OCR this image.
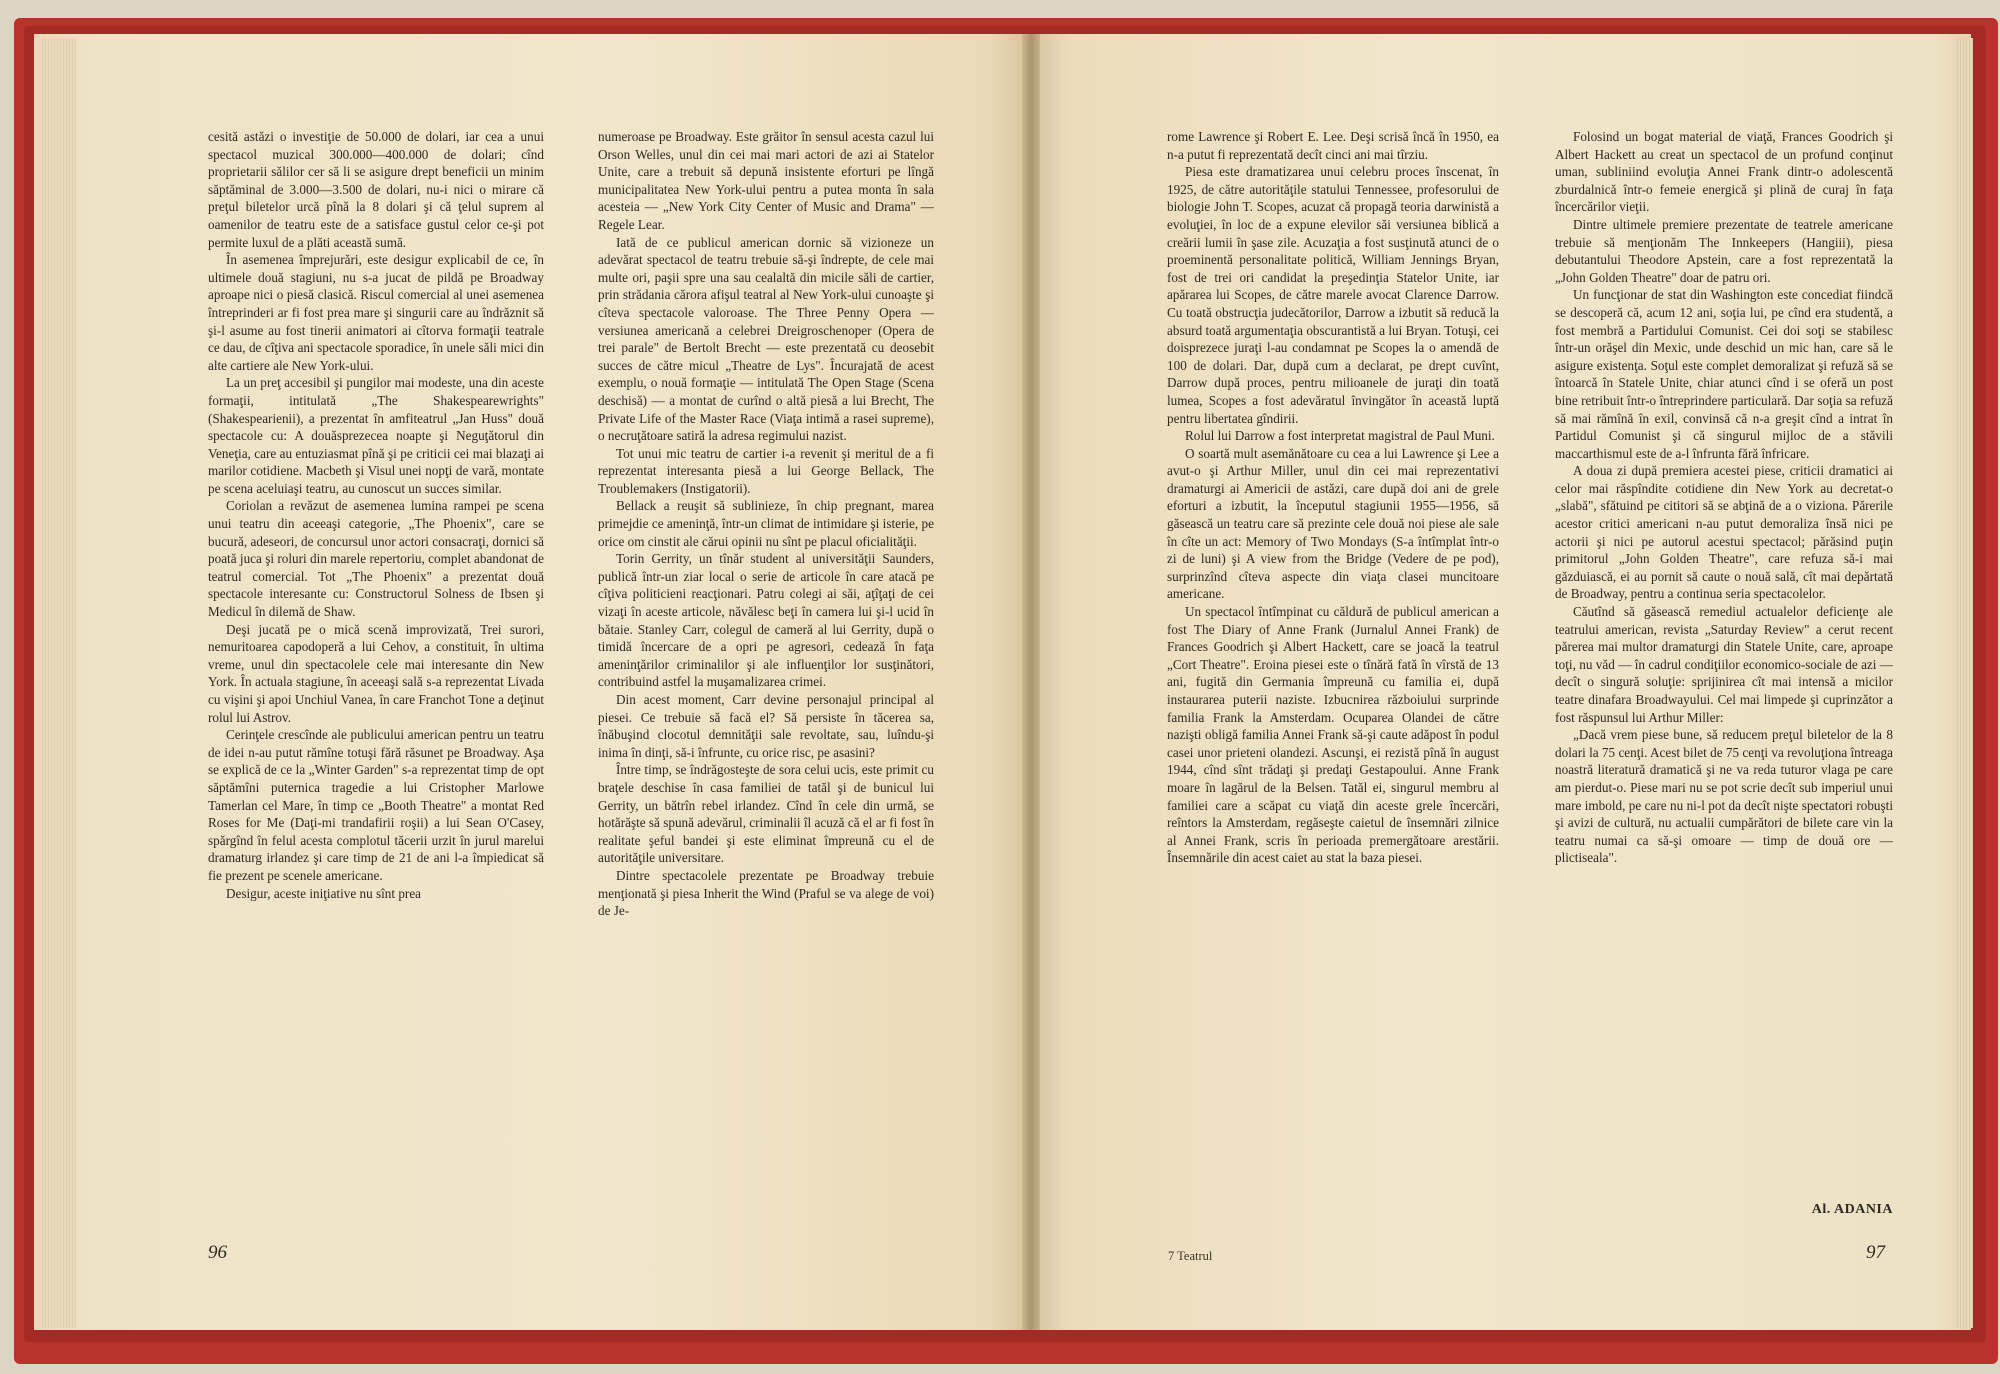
cesită astăzi o investiţie de 50.000 de dolari, iar cea a unui spectacol muzical 300.000—400.000 de dolari; cînd proprietarii sălilor cer să li se asigure drept beneficii un minim săptăminal de 3.000—3.500 de dolari, nu-i nici o mirare că preţul biletelor urcă pînă la 8 dolari şi că ţelul suprem al oamenilor de teatru este de a satisface gustul celor ce-şi pot permite luxul de a plăti această sumă.

În asemenea împrejurări, este desigur explicabil de ce, în ultimele două stagiuni, nu s-a jucat de pildă pe Broadway aproape nici o piesă clasică. Riscul comercial al unei asemenea întreprinderi ar fi fost prea mare şi singurii care au îndrăznit să şi-l asume au fost tinerii animatori ai cîtorva formaţii teatrale ce dau, de cîţiva ani spectacole sporadice, în unele săli mici din alte cartiere ale New York-ului.

La un preţ accesibil şi pungilor mai modeste, una din aceste formaţii, intitulată „The Shakespearewrights" (Shakespearienii), a prezentat în amfiteatrul „Jan Huss" două spectacole cu: A douăsprezecea noapte şi Neguţătorul din Veneţia, care au entuziasmat pînă şi pe criticii cei mai blazaţi ai marilor cotidiene. Macbeth şi Visul unei nopţi de vară, montate pe scena aceluiaşi teatru, au cunoscut un succes similar.

Coriolan a revăzut de asemenea lumina rampei pe scena unui teatru din aceeaşi categorie, „The Phoenix", care se bucură, adeseori, de concursul unor actori consacraţi, dornici să poată juca şi roluri din marele repertoriu, complet abandonat de teatrul comercial. Tot „The Phoenix" a prezentat două spectacole interesante cu: Constructorul Solness de Ibsen şi Medicul în dilemă de Shaw.

Deşi jucată pe o mică scenă improvizată, Trei surori, nemuritoarea capodoperă a lui Cehov, a constituit, în ultima vreme, unul din spectacolele cele mai interesante din New York. În actuala stagiune, în aceeaşi sală s-a reprezentat Livada cu vişini şi apoi Unchiul Vanea, în care Franchot Tone a deţinut rolul lui Astrov.

Cerinţele crescînde ale publicului american pentru un teatru de idei n-au putut rămîne totuşi fără răsunet pe Broadway. Aşa se explică de ce la „Winter Garden" s-a reprezentat timp de opt săptămîni puternica tragedie a lui Cristopher Marlowe Tamerlan cel Mare, în timp ce „Booth Theatre" a montat Red Roses for Me (Daţi-mi trandafirii roşii) a lui Sean O'Casey, spărgînd în felul acesta complotul tăcerii urzit în jurul marelui dramaturg irlandez şi care timp de 21 de ani l-a împiedicat să fie prezent pe scenele americane.

Desigur, aceste iniţiative nu sînt prea

numeroase pe Broadway. Este grăitor în sensul acesta cazul lui Orson Welles, unul din cei mai mari actori de azi ai Statelor Unite, care a trebuit să depună insistente eforturi pe lîngă municipalitatea New York-ului pentru a putea monta în sala acesteia — „New York City Center of Music and Drama" — Regele Lear.

Iată de ce publicul american dornic să vizioneze un adevărat spectacol de teatru trebuie să-şi îndrepte, de cele mai multe ori, paşii spre una sau cealaltă din micile săli de cartier, prin strădania cărora afişul teatral al New York-ului cunoaşte şi cîteva spectacole valoroase. The Three Penny Opera — versiunea americană a celebrei Dreigroschenoper (Opera de trei parale" de Bertolt Brecht — este prezentată cu deosebit succes de către micul „Theatre de Lys". Încurajată de acest exemplu, o nouă formaţie — intitulată The Open Stage (Scena deschisă) — a montat de curînd o altă piesă a lui Brecht, The Private Life of the Master Race (Viaţa intimă a rasei supreme), o necruţătoare satiră la adresa regimului nazist.

Tot unui mic teatru de cartier i-a revenit şi meritul de a fi reprezentat interesanta piesă a lui George Bellack, The Troublemakers (Instigatorii).

Bellack a reuşit să sublinieze, în chip pregnant, marea primejdie ce ameninţă, într-un climat de intimidare şi isterie, pe orice om cinstit ale cărui opinii nu sînt pe placul oficialităţii.

Torin Gerrity, un tînăr student al universităţii Saunders, publică într-un ziar local o serie de articole în care atacă pe cîţiva politicieni reacţionari. Patru colegi ai săi, aţîţaţi de cei vizaţi în aceste articole, năvălesc beţi în camera lui şi-l ucid în bătaie. Stanley Carr, colegul de cameră al lui Gerrity, după o timidă încercare de a opri pe agresori, cedează în faţa ameninţărilor criminalilor şi ale influenţilor lor susţinători, contribuind astfel la muşamalizarea crimei.

Din acest moment, Carr devine personajul principal al piesei. Ce trebuie să facă el? Să persiste în tăcerea sa, înăbuşind clocotul demnităţii sale revoltate, sau, luîndu-şi inima în dinţi, să-i înfrunte, cu orice risc, pe asasini?

Între timp, se îndrăgosteşte de sora celui ucis, este primit cu braţele deschise în casa familiei de tatăl şi de bunicul lui Gerrity, un bătrîn rebel irlandez. Cînd în cele din urmă, se hotărăşte să spună adevărul, criminalii îl acuză că el ar fi fost în realitate şeful bandei şi este eliminat împreună cu el de autorităţile universitare.

Dintre spectacolele prezentate pe Broadway trebuie menţionată şi piesa Inherit the Wind (Praful se va alege de voi) de Je-

rome Lawrence şi Robert E. Lee. Deşi scrisă încă în 1950, ea n-a putut fi reprezentată decît cinci ani mai tîrziu.

Piesa este dramatizarea unui celebru proces înscenat, în 1925, de către autorităţile statului Tennessee, profesorului de biologie John T. Scopes, acuzat că propagă teoria darwinistă a evoluţiei, în loc de a expune elevilor săi versiunea biblică a creării lumii în şase zile. Acuzaţia a fost susţinută atunci de o proeminentă personalitate politică, William Jennings Bryan, fost de trei ori candidat la preşedinţia Statelor Unite, iar apărarea lui Scopes, de către marele avocat Clarence Darrow. Cu toată obstrucţia judecătorilor, Darrow a izbutit să reducă la absurd toată argumentaţia obscurantistă a lui Bryan. Totuşi, cei doisprezece juraţi l-au condamnat pe Scopes la o amendă de 100 de dolari. Dar, după cum a declarat, pe drept cuvînt, Darrow după proces, pentru milioanele de juraţi din toată lumea, Scopes a fost adevăratul învingător în această luptă pentru libertatea gîndirii.

Rolul lui Darrow a fost interpretat magistral de Paul Muni.

O soartă mult asemănătoare cu cea a lui Lawrence şi Lee a avut-o şi Arthur Miller, unul din cei mai reprezentativi dramaturgi ai Americii de astăzi, care după doi ani de grele eforturi a izbutit, la începutul stagiunii 1955—1956, să găsească un teatru care să prezinte cele două noi piese ale sale în cîte un act: Memory of Two Mondays (S-a întîmplat într-o zi de luni) şi A view from the Bridge (Vedere de pe pod), surprinzînd cîteva aspecte din viaţa clasei muncitoare americane.

Un spectacol întîmpinat cu căldură de publicul american a fost The Diary of Anne Frank (Jurnalul Annei Frank) de Frances Goodrich şi Albert Hackett, care se joacă la teatrul „Cort Theatre". Eroina piesei este o tînără fată în vîrstă de 13 ani, fugită din Germania împreună cu familia ei, după instaurarea puterii naziste. Izbucnirea războiului surprinde familia Frank la Amsterdam. Ocuparea Olandei de către nazişti obligă familia Annei Frank să-şi caute adăpost în podul casei unor prieteni olandezi. Ascunşi, ei rezistă pînă în august 1944, cînd sînt trădaţi şi predaţi Gestapoului. Anne Frank moare în lagărul de la Belsen. Tatăl ei, singurul membru al familiei care a scăpat cu viaţă din aceste grele încercări, reîntors la Amsterdam, regăseşte caietul de însemnări zilnice al Annei Frank, scris în perioada premergătoare arestării. Însemnările din acest caiet au stat la baza piesei.

Folosind un bogat material de viaţă, Frances Goodrich şi Albert Hackett au creat un spectacol de un profund conţinut uman, subliniind evoluţia Annei Frank dintr-o adolescentă zburdalnică într-o femeie energică şi plină de curaj în faţa încercărilor vieţii.

Dintre ultimele premiere prezentate de teatrele americane trebuie să menţionăm The Innkeepers (Hangiii), piesa debutantului Theodore Apstein, care a fost reprezentată la „John Golden Theatre" doar de patru ori.

Un funcţionar de stat din Washington este concediat fiindcă se descoperă că, acum 12 ani, soţia lui, pe cînd era studentă, a fost membră a Partidului Comunist. Cei doi soţi se stabilesc într-un orăşel din Mexic, unde deschid un mic han, care să le asigure existenţa. Soţul este complet demoralizat şi refuză să se întoarcă în Statele Unite, chiar atunci cînd i se oferă un post bine retribuit într-o întreprindere particulară. Dar soţia sa refuză să mai rămînă în exil, convinsă că n-a greşit cînd a intrat în Partidul Comunist şi că singurul mijloc de a stăvili maccarthismul este de a-l înfrunta fără înfricare.

A doua zi după premiera acestei piese, criticii dramatici ai celor mai răspîndite cotidiene din New York au decretat-o „slabă", sfătuind pe cititori să se abţină de a o viziona. Părerile acestor critici americani n-au putut demoraliza însă nici pe actorii şi nici pe autorul acestui spectacol; părăsind puţin primitorul „John Golden Theatre", care refuza să-i mai găzduiască, ei au pornit să caute o nouă sală, cît mai depărtată de Broadway, pentru a continua seria spectacolelor.

Căutînd să găsească remediul actualelor deficienţe ale teatrului american, revista „Saturday Review" a cerut recent părerea mai multor dramaturgi din Statele Unite, care, aproape toţi, nu văd — în cadrul condiţiilor economico-sociale de azi — decît o singură soluţie: sprijinirea cît mai intensă a micilor teatre dinafara Broadwayului. Cel mai limpede şi cuprinzător a fost răspunsul lui Arthur Miller:

„Dacă vrem piese bune, să reducem preţul biletelor de la 8 dolari la 75 cenţi. Acest bilet de 75 cenţi va revoluţiona întreaga noastră literatură dramatică şi ne va reda tuturor vlaga pe care am pierdut-o. Piese mari nu se pot scrie decît sub imperiul unui mare imbold, pe care nu ni-l pot da decît nişte spectatori robuşti şi avizi de cultură, nu actualii cumpărători de bilete care vin la teatru numai ca să-şi omoare — timp de două ore — plictiseala".

Al. ADANIA
96	97
7 Teatrul
